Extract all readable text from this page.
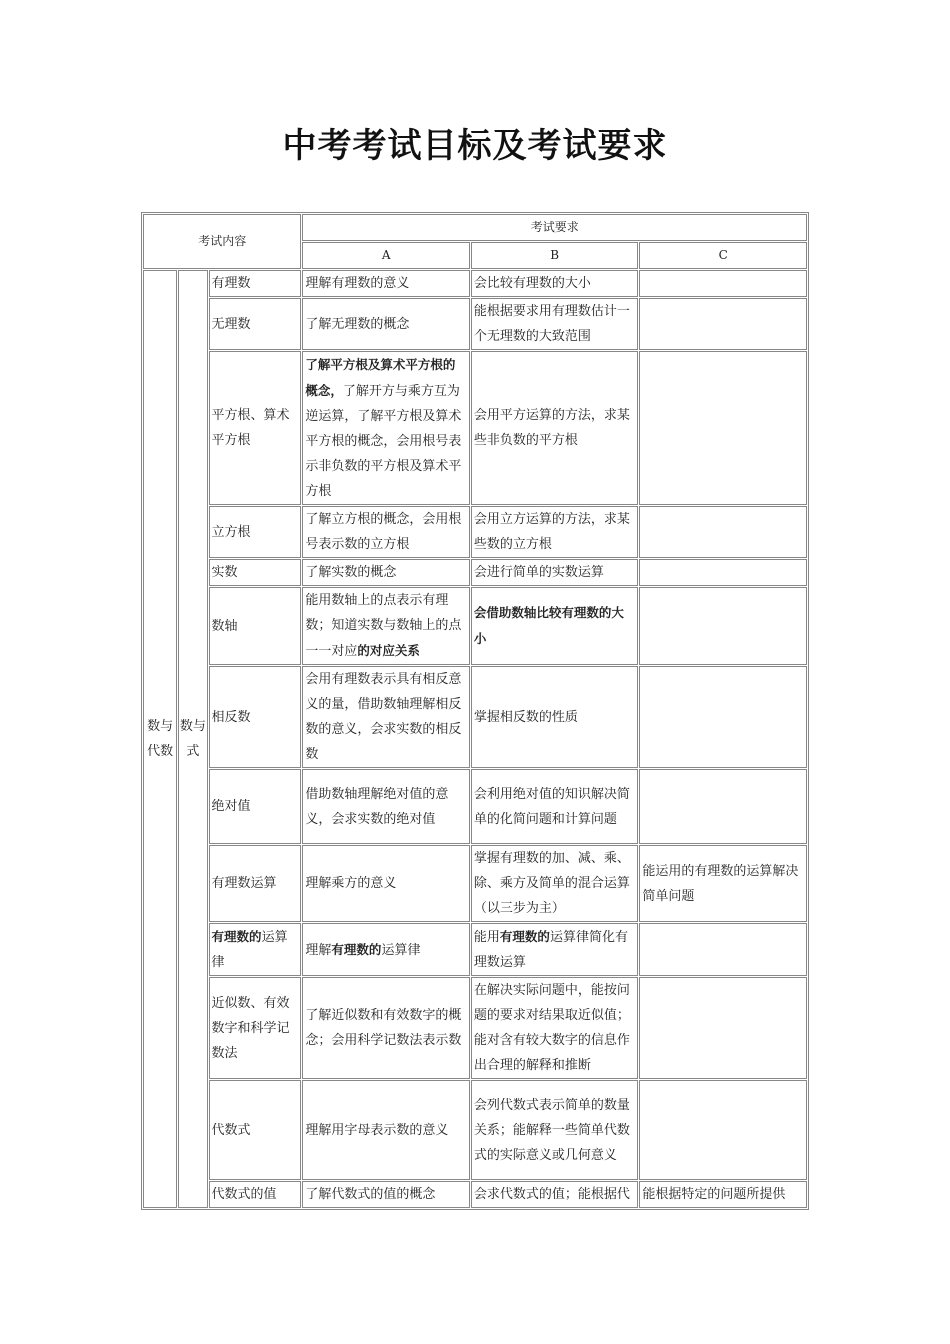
中考考试目标及考试要求
考试内容			考试要求		
			A	B	C
数与代数	数与式	有理数	理解有理数的意义	会比较有理数的大小	
		无理数	了解无理数的概念	能根据要求用有理数估计一个无理数的大致范围	
		平方根、算术平方根	了解平方根及算术平方根的概念，了解开方与乘方互为逆运算，了解平方根及算术平方根的概念，会用根号表示非负数的平方根及算术平方根	会用平方运算的方法，求某些非负数的平方根	
		立方根	了解立方根的概念，会用根号表示数的立方根	会用立方运算的方法，求某些数的立方根	
		实数	了解实数的概念	会进行简单的实数运算	
		数轴	能用数轴上的点表示有理数；知道实数与数轴上的点一一对应的对应关系	会借助数轴比较有理数的大小	
		相反数	会用有理数表示具有相反意义的量，借助数轴理解相反数的意义，会求实数的相反数	掌握相反数的性质	
		绝对值	借助数轴理解绝对值的意义，会求实数的绝对值	会利用绝对值的知识解决简单的化简问题和计算问题	
		有理数运算	理解乘方的意义	掌握有理数的加、减、乘、除、乘方及简单的混合运算（以三步为主）	能运用的有理数的运算解决简单问题
		有理数的运算律	理解有理数的运算律	能用有理数的运算律简化有理数运算	
		近似数、有效数字和科学记数法	了解近似数和有效数字的概念；会用科学记数法表示数	在解决实际问题中，能按问题的要求对结果取近似值；能对含有较大数字的信息作出合理的解释和推断	
		代数式	理解用字母表示数的意义	会列代数式表示简单的数量关系；能解释一些简单代数式的实际意义或几何意义	
		代数式的值	了解代数式的值的概念	会求代数式的值；能根据代	能根据特定的问题所提供
